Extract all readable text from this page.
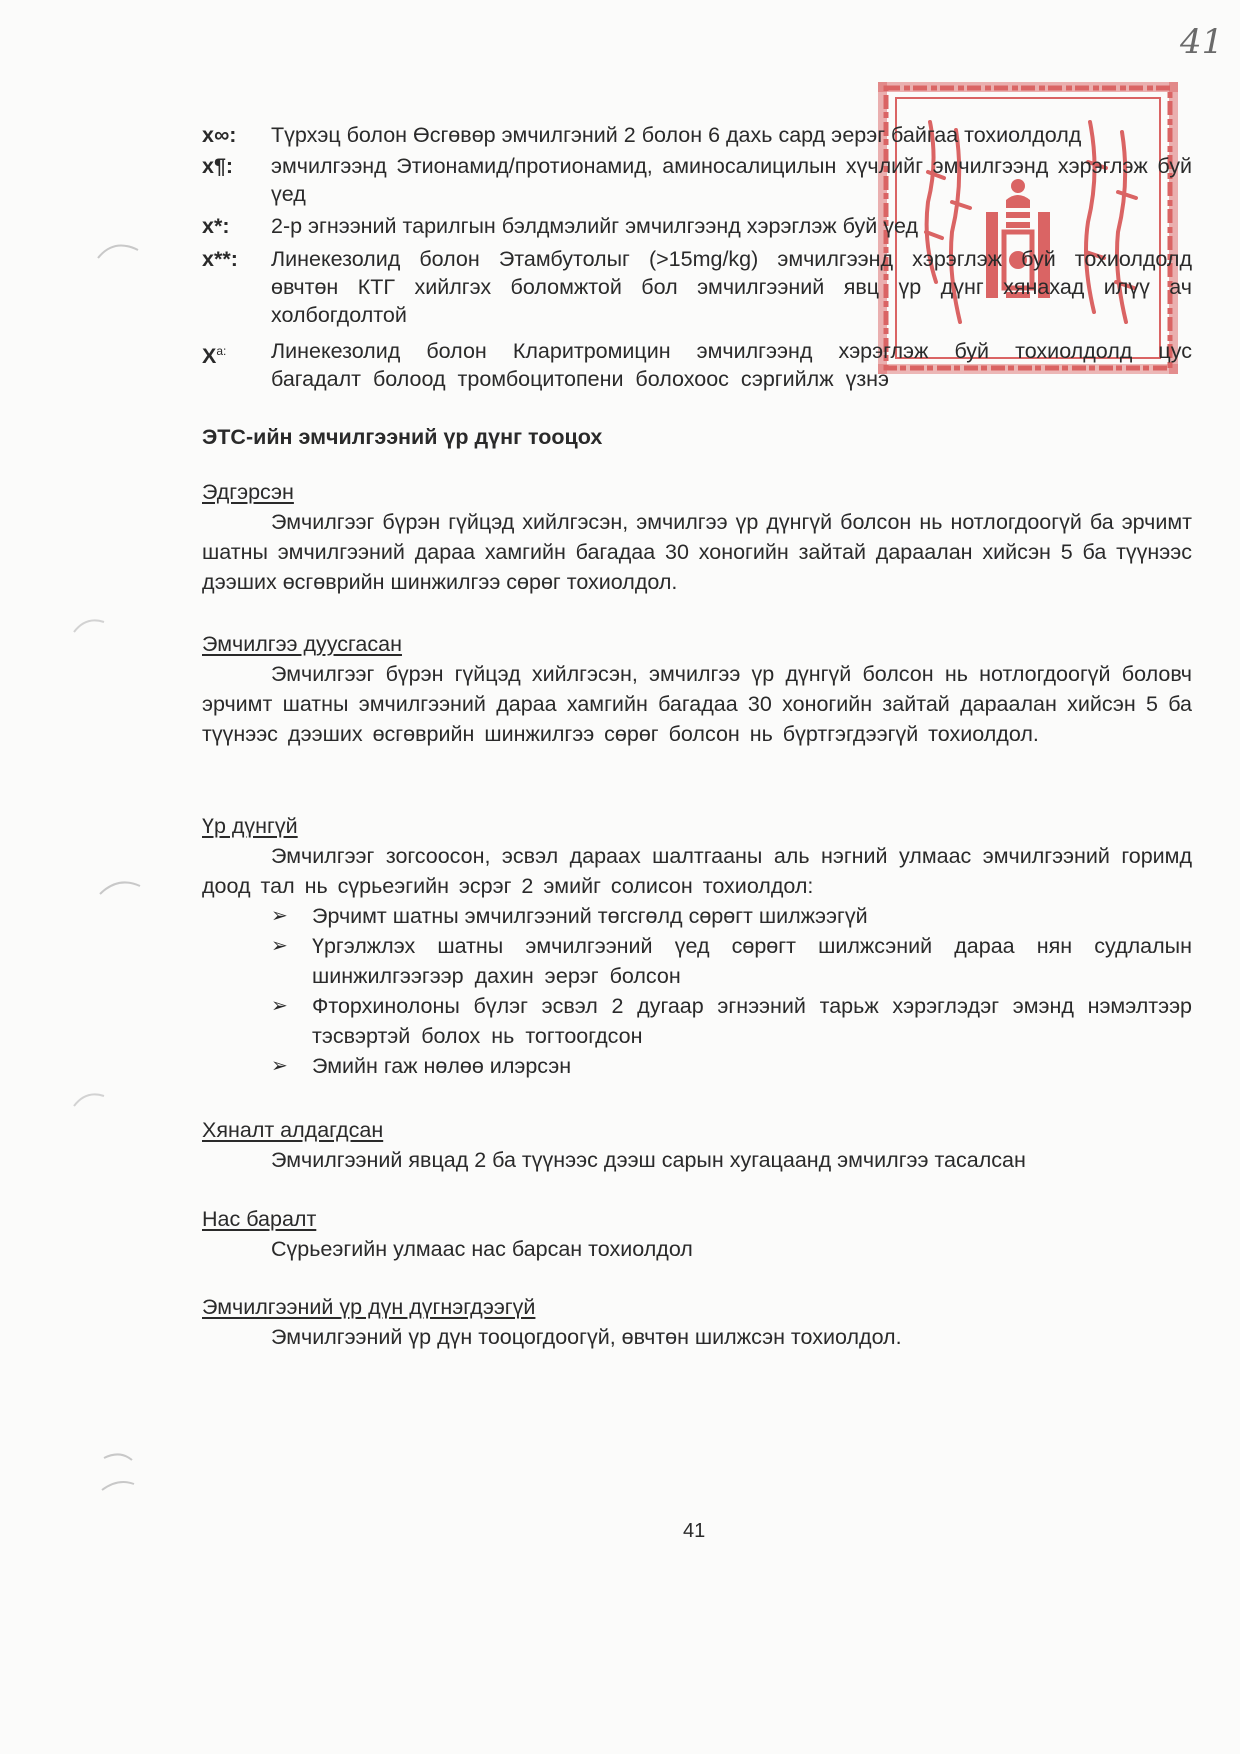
41
х∞: Түрхэц болон Өсгөвөр эмчилгэний 2 болон 6 дахь сард эерэг байгаа тохиолдолд
х¶: эмчилгээнд Этионамид/протионамид, аминосалицилын хүчлийг эмчилгээнд хэрэглэж буй үед
х*: 2-р эгнээний тарилгын бэлдмэлийг эмчилгээнд хэрэглэж буй үед
х**: Линекезолид болон Этамбутолыг (>15mg/kg) эмчилгээнд хэрэглэж буй тохиолдолд өвчтөн КТГ хийлгэх боломжтой бол эмчилгээний явц үр дүнг хянахад илүү ач холбогдолтой
$Х^{a:}$ Линекезолид болон Кларитромицин эмчилгээнд хэрэглэж буй тохиолдолд цус багадалт болоод тромбоцитопени болохоос сэргийлж үзнэ
ЭТС-ийн эмчилгээний үр дүнг тооцох
Эдгэрсэн
Эмчилгээг бүрэн гүйцэд хийлгэсэн, эмчилгээ үр дүнгүй болсон нь нотлогдоогүй ба эрчимт шатны эмчилгээний дараа хамгийн багадаа 30 хоногийн зайтай дараалан хийсэн 5 ба түүнээс дээших өсгөврийн шинжилгээ сөрөг тохиолдол.
Эмчилгээ дуусгасан
Эмчилгээг бүрэн гүйцэд хийлгэсэн, эмчилгээ үр дүнгүй болсон нь нотлогдоогүй боловч эрчимт шатны эмчилгээний дараа хамгийн багадаа 30 хоногийн зайтай дараалан хийсэн 5 ба түүнээс дээших өсгөврийн шинжилгээ сөрөг болсон нь бүртгэгдээгүй тохиолдол.
Үр дүнгүй
Эмчилгээг зогсоосон, эсвэл дараах шалтгааны аль нэгний улмаас эмчилгээний горимд доод тал нь сүрьеэгийн эсрэг 2 эмийг солисон тохиолдол:
➢ Эрчимт шатны эмчилгээний төгсгөлд сөрөгт шилжээгүй
➢ Үргэлжлэх шатны эмчилгээний үед сөрөгт шилжсэний дараа нян судлалын шинжилгээгээр дахин эерэг болсон
➢ Фторхинолоны бүлэг эсвэл 2 дугаар эгнээний тарьж хэрэглэдэг эмэнд нэмэлтээр тэсвэртэй болох нь тогтоогдсон
➢ Эмийн гаж нөлөө илэрсэн
Хяналт алдагдсан
Эмчилгээний явцад 2 ба түүнээс дээш сарын хугацаанд эмчилгээ тасалсан
Нас баралт
Сүрьеэгийн улмаас нас барсан тохиолдол
Эмчилгээний үр дүн дүгнэгдээгүй
Эмчилгээний үр дүн тооцогдоогүй, өвчтөн шилжсэн тохиолдол.
41
